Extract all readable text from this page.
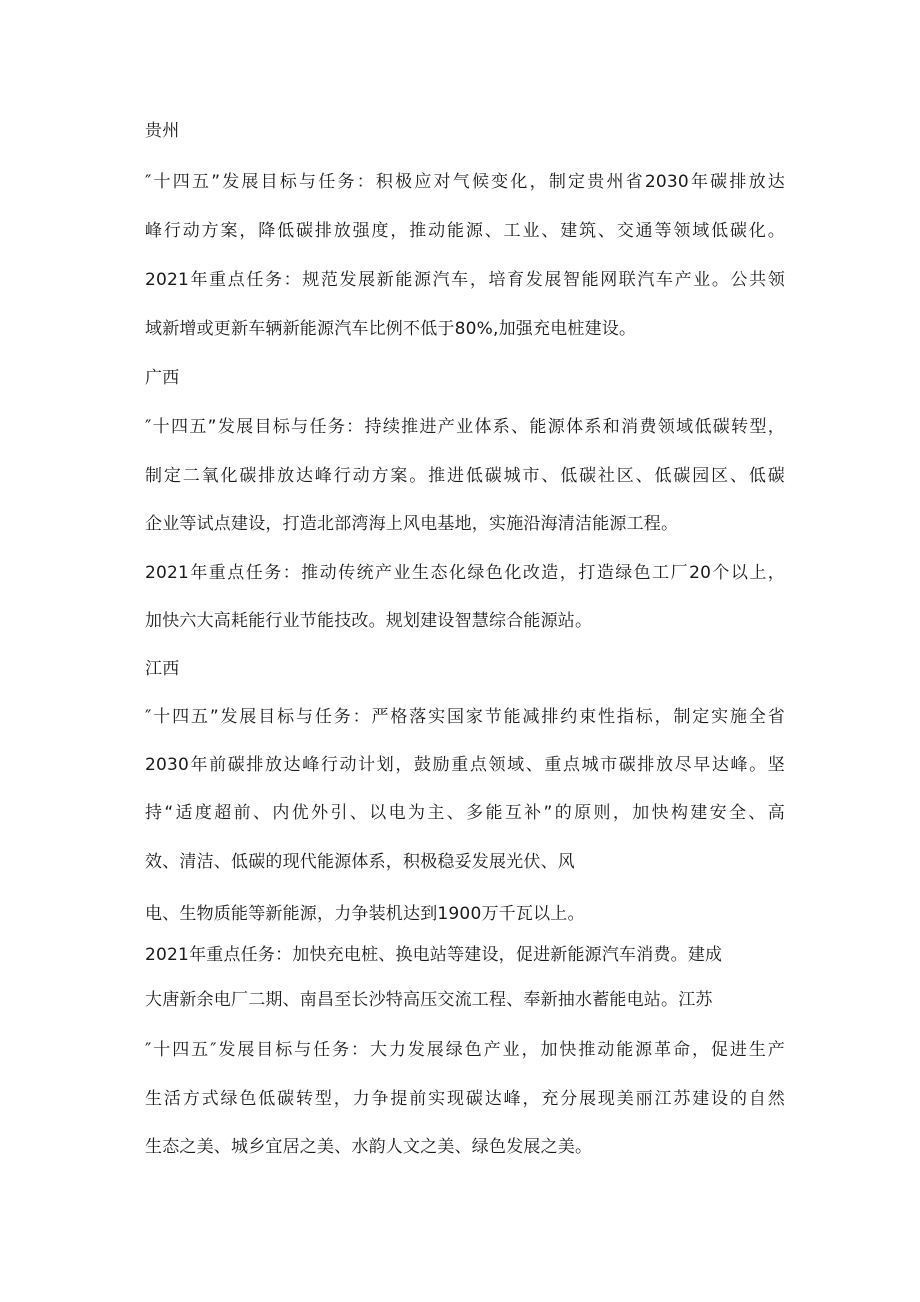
贵州
″十四五”发展目标与任务：积极应对气候变化，制定贵州省2030年碳排放达
峰行动方案，降低碳排放强度，推动能源、工业、建筑、交通等领域低碳化。
2021年重点任务：规范发展新能源汽车，培育发展智能网联汽车产业。公共领
域新增或更新车辆新能源汽车比例不低于80%,加强充电桩建设。
广西
″十四五”发展目标与任务：持续推进产业体系、能源体系和消费领域低碳转型，
制定二氧化碳排放达峰行动方案。推进低碳城市、低碳社区、低碳园区、低碳
企业等试点建设，打造北部湾海上风电基地，实施沿海清洁能源工程。
2021年重点任务：推动传统产业生态化绿色化改造，打造绿色工厂20个以上，
加快六大高耗能行业节能技改。规划建设智慧综合能源站。
江西
″十四五”发展目标与任务：严格落实国家节能减排约束性指标，制定实施全省
2030年前碳排放达峰行动计划，鼓励重点领域、重点城市碳排放尽早达峰。坚
持“适度超前、内优外引、以电为主、多能互补”的原则，加快构建安全、高
效、清洁、低碳的现代能源体系，积极稳妥发展光伏、风
电、生物质能等新能源，力争装机达到1900万千瓦以上。
2021年重点任务：加快充电桩、换电站等建设，促进新能源汽车消费。建成
大唐新余电厂二期、南昌至长沙特高压交流工程、奉新抽水蓄能电站。江苏
″十四五″发展目标与任务：大力发展绿色产业，加快推动能源革命，促进生产
生活方式绿色低碳转型，力争提前实现碳达峰，充分展现美丽江苏建设的自然
生态之美、城乡宜居之美、水韵人文之美、绿色发展之美。
